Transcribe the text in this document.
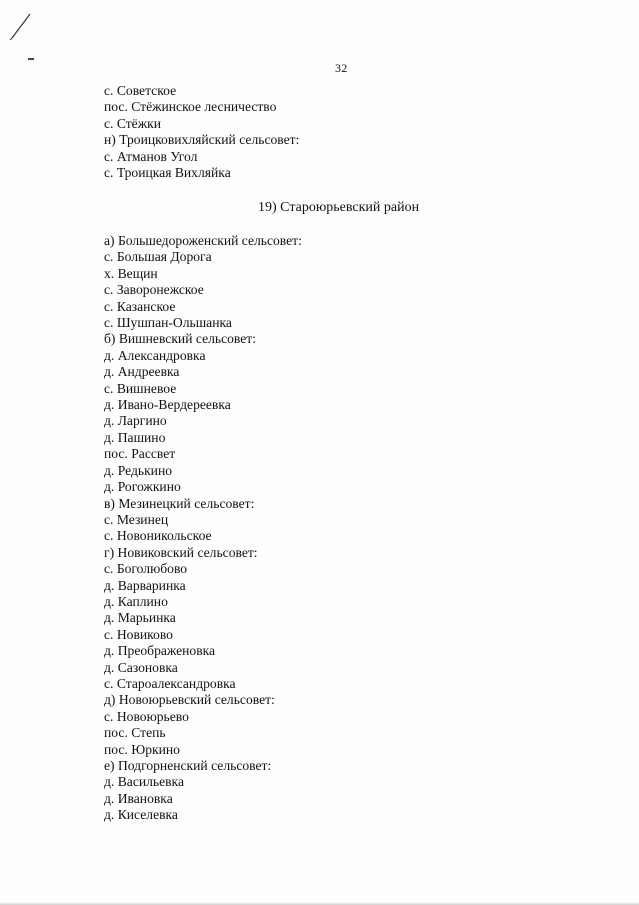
32
с. Советское
пос. Стёжинское лесничество
с. Стёжки
н) Троицковихляйский сельсовет:
с. Атманов Угол
с. Троицкая Вихляйка
19) Староюрьевский район
а) Большедороженский сельсовет:
с. Большая Дорога
х. Вещин
с. Заворонежское
с. Казанское
с. Шушпан-Ольшанка
б) Вишневский сельсовет:
д. Александровка
д. Андреевка
с. Вишневое
д. Ивано-Вердереевка
д. Ларгино
д. Пашино
пос. Рассвет
д. Редькино
д. Рогожкино
в) Мезинецкий сельсовет:
с. Мезинец
с. Новоникольское
г) Новиковский сельсовет:
с. Боголюбово
д. Варваринка
д. Каплино
д. Марьинка
с. Новиково
д. Преображеновка
д. Сазоновка
с. Староалександровка
д) Новоюрьевский сельсовет:
с. Новоюрьево
пос. Степь
пос. Юркино
е) Подгорненский сельсовет:
д. Васильевка
д. Ивановка
д. Киселевка
